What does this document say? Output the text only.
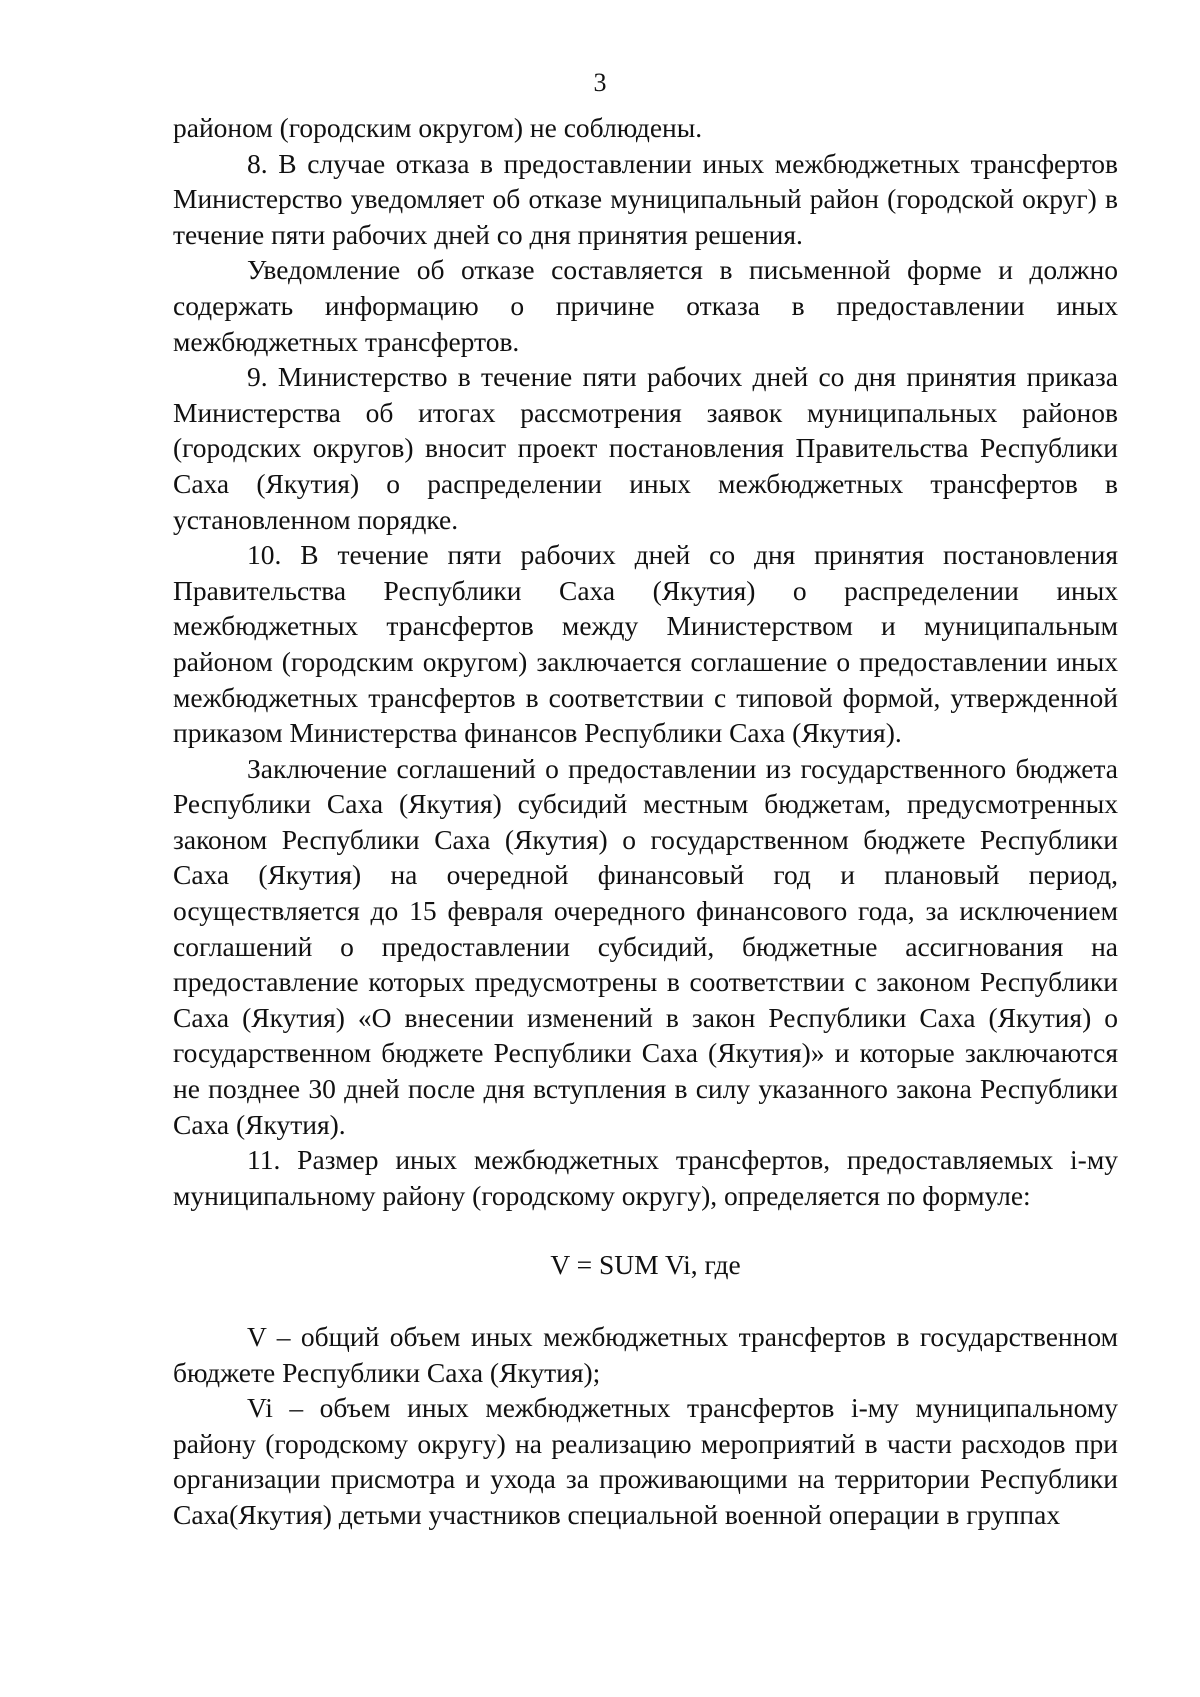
3

районом (городским округом) не соблюдены.

8. В случае отказа в предоставлении иных межбюджетных трансфертов Министерство уведомляет об отказе муниципальный район (городской округ) в течение пяти рабочих дней со дня принятия решения.

Уведомление об отказе составляется в письменной форме и должно содержать информацию о причине отказа в предоставлении иных межбюджетных трансфертов.

9. Министерство в течение пяти рабочих дней со дня принятия приказа Министерства об итогах рассмотрения заявок муниципальных районов (городских округов) вносит проект постановления Правительства Республики Саха (Якутия) о распределении иных межбюджетных трансфертов в установленном порядке.

10. В течение пяти рабочих дней со дня принятия постановления Правительства Республики Саха (Якутия) о распределении иных межбюджетных трансфертов между Министерством и муниципальным районом (городским округом) заключается соглашение о предоставлении иных межбюджетных трансфертов в соответствии с типовой формой, утвержденной приказом Министерства финансов Республики Саха (Якутия).

Заключение соглашений о предоставлении из государственного бюджета Республики Саха (Якутия) субсидий местным бюджетам, предусмотренных законом Республики Саха (Якутия) о государственном бюджете Республики Саха (Якутия) на очередной финансовый год и плановый период, осуществляется до 15 февраля очередного финансового года, за исключением соглашений о предоставлении субсидий, бюджетные ассигнования на предоставление которых предусмотрены в соответствии с законом Республики Саха (Якутия) «О внесении изменений в закон Республики Саха (Якутия) о государственном бюджете Республики Саха (Якутия)» и которые заключаются не позднее 30 дней после дня вступления в силу указанного закона Республики Саха (Якутия).

11. Размер иных межбюджетных трансфертов, предоставляемых i-му муниципальному району (городскому округу), определяется по формуле:

V = SUM Vi, где

V – общий объем иных межбюджетных трансфертов в государственном бюджете Республики Саха (Якутия);

Vi – объем иных межбюджетных трансфертов i-му муниципальному району (городскому округу) на реализацию мероприятий в части расходов при организации присмотра и ухода за проживающими на территории Республики Саха(Якутия) детьми участников специальной военной операции в группах
